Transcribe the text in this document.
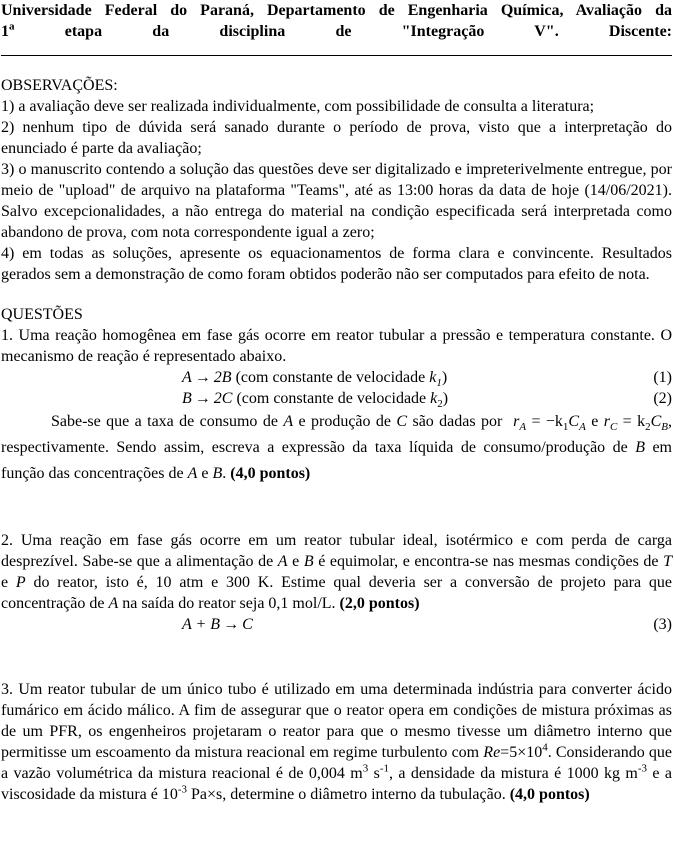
Universidade Federal do Paraná, Departamento de Engenharia Química, Avaliação da

1$^a$	etapa da disciplina de "Integração V". Discente:

OBSERVAÇÕES:

1) a avaliação deve ser realizada individualmente, com possibilidade de consulta a literatura;

2) nenhum tipo de dúvida será sanado durante o período de prova, visto que a interpretação do enunciado é parte da avaliação;

3) o manuscrito contendo a solução das questões deve ser digitalizado e impreterivelmente entregue, por meio de "upload" de arquivo na plataforma "Teams", até as 13:00 horas da data de hoje (14/06/2021). Salvo excepcionalidades, a não entrega do material na condição especificada será interpretada como abandono de prova, com nota correspondente igual a zero;

4) em todas as soluções, apresente os equacionamentos de forma clara e convincente. Resultados gerados sem a demonstração de como foram obtidos poderão não ser computados para efeito de nota.

QUESTÕES

1. Uma reação homogênea em fase gás ocorre em reator tubular a pressão e temperatura constante. O mecanismo de reação é representado abaixo.

A → 2B (com constante de velocidade $k_1$)	(1)
B → 2C (com constante de velocidade $k_2$)	(2)

Sabe-se que a taxa de consumo de A e produção de C são dadas por  $r_A = -k_1C_A$ e $r_C = k_2C_B$, respectivamente. Sendo assim, escreva a expressão da taxa líquida de consumo/produção de B em função das concentrações de A e B. (4,0 pontos)

2. Uma reação em fase gás ocorre em um reator tubular ideal, isotérmico e com perda de carga desprezível. Sabe-se que a alimentação de A e B é equimolar, e encontra-se nas mesmas condições de T e P do reator, isto é, 10 atm e 300 K. Estime qual deveria ser a conversão de projeto para que concentração de A na saída do reator seja 0,1 mol/L. (2,0 pontos)

A + B → C	(3)

3. Um reator tubular de um único tubo é utilizado em uma determinada indústria para converter ácido fumárico em ácido málico. A fim de assegurar que o reator opera em condições de mistura próximas as de um PFR, os engenheiros projetaram o reator para que o mesmo tivesse um diâmetro interno que permitisse um escoamento da mistura reacional em regime turbulento com $Re=5\times 10^4$. Considerando que a vazão volumétrica da mistura reacional é de 0,004 $m^3$ $s^{-1}$, a densidade da mistura é 1000 kg $m^{-3}$ e a viscosidade da mistura é $10^{-3}$ Pa×s, determine o diâmetro interno da tubulação. (4,0 pontos)
